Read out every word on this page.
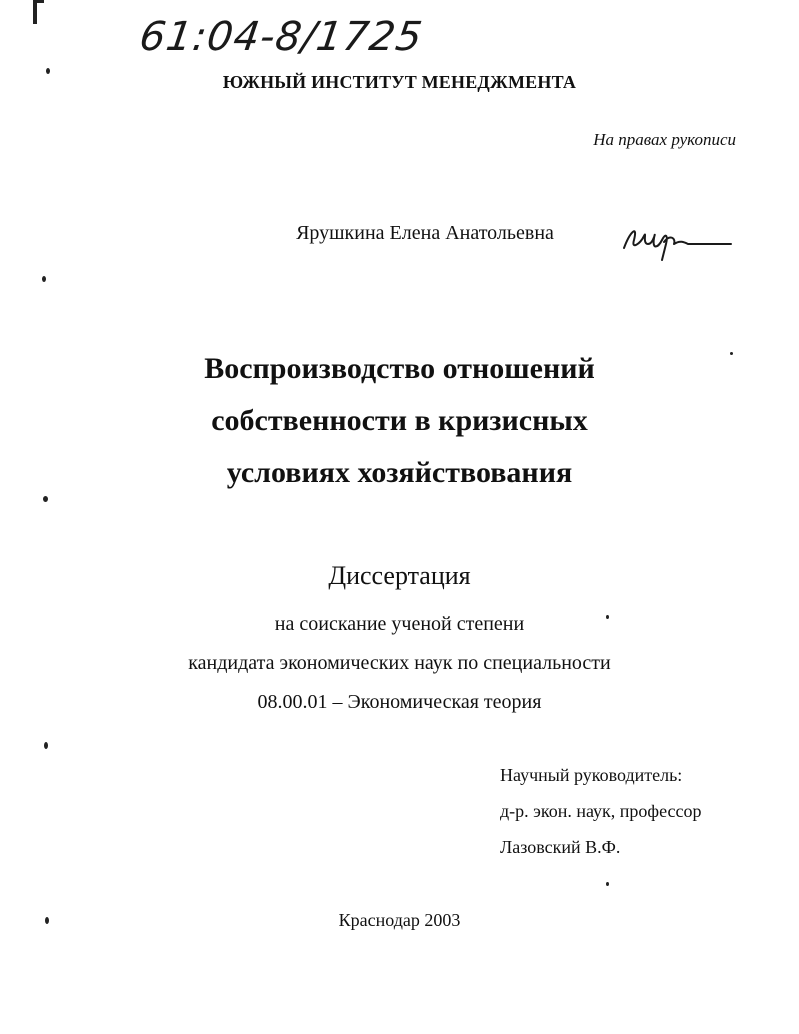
61:04-8/1725
ЮЖНЫЙ ИНСТИТУТ МЕНЕДЖМЕНТА
На правах рукописи
Ярушкина Елена Анатольевна
Воспроизводство отношений
собственности в кризисных
условиях хозяйствования
Диссертация
на соискание ученой степени
кандидата экономических наук по специальности
08.00.01 – Экономическая теория
Научный руководитель:
д-р. экон. наук, профессор
Лазовский В.Ф.
Краснодар 2003
